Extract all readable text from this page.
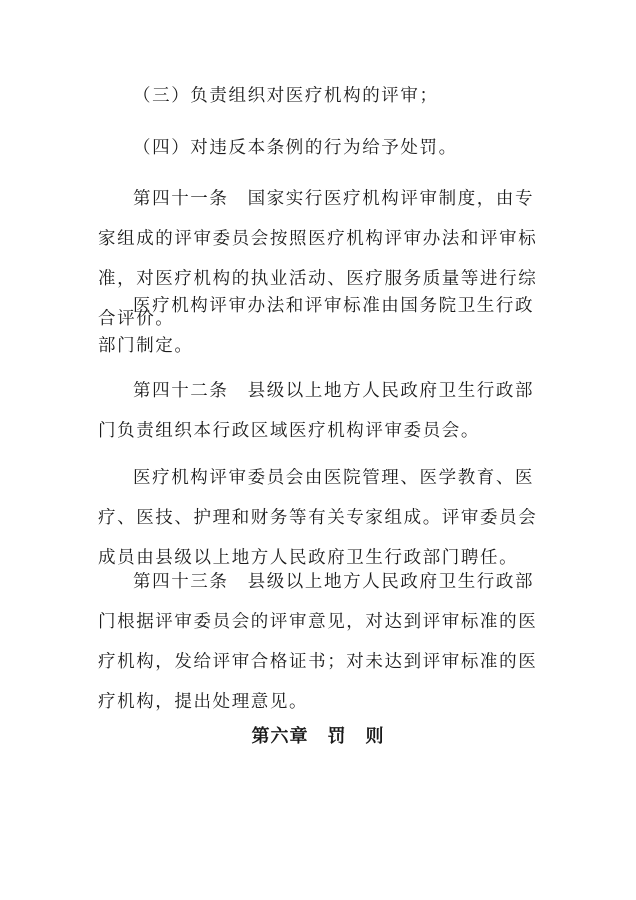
（三）负责组织对医疗机构的评审；

（四）对违反本条例的行为给予处罚。

第四十一条　国家实行医疗机构评审制度，由专家组成的评审委员会按照医疗机构评审办法和评审标准，对医疗机构的执业活动、医疗服务质量等进行综合评价。

医疗机构评审办法和评审标准由国务院卫生行政部门制定。

第四十二条　县级以上地方人民政府卫生行政部门负责组织本行政区域医疗机构评审委员会。

医疗机构评审委员会由医院管理、医学教育、医疗、医技、护理和财务等有关专家组成。评审委员会成员由县级以上地方人民政府卫生行政部门聘任。

第四十三条　县级以上地方人民政府卫生行政部门根据评审委员会的评审意见，对达到评审标准的医疗机构，发给评审合格证书；对未达到评审标准的医疗机构，提出处理意见。

第六章　罚　则
